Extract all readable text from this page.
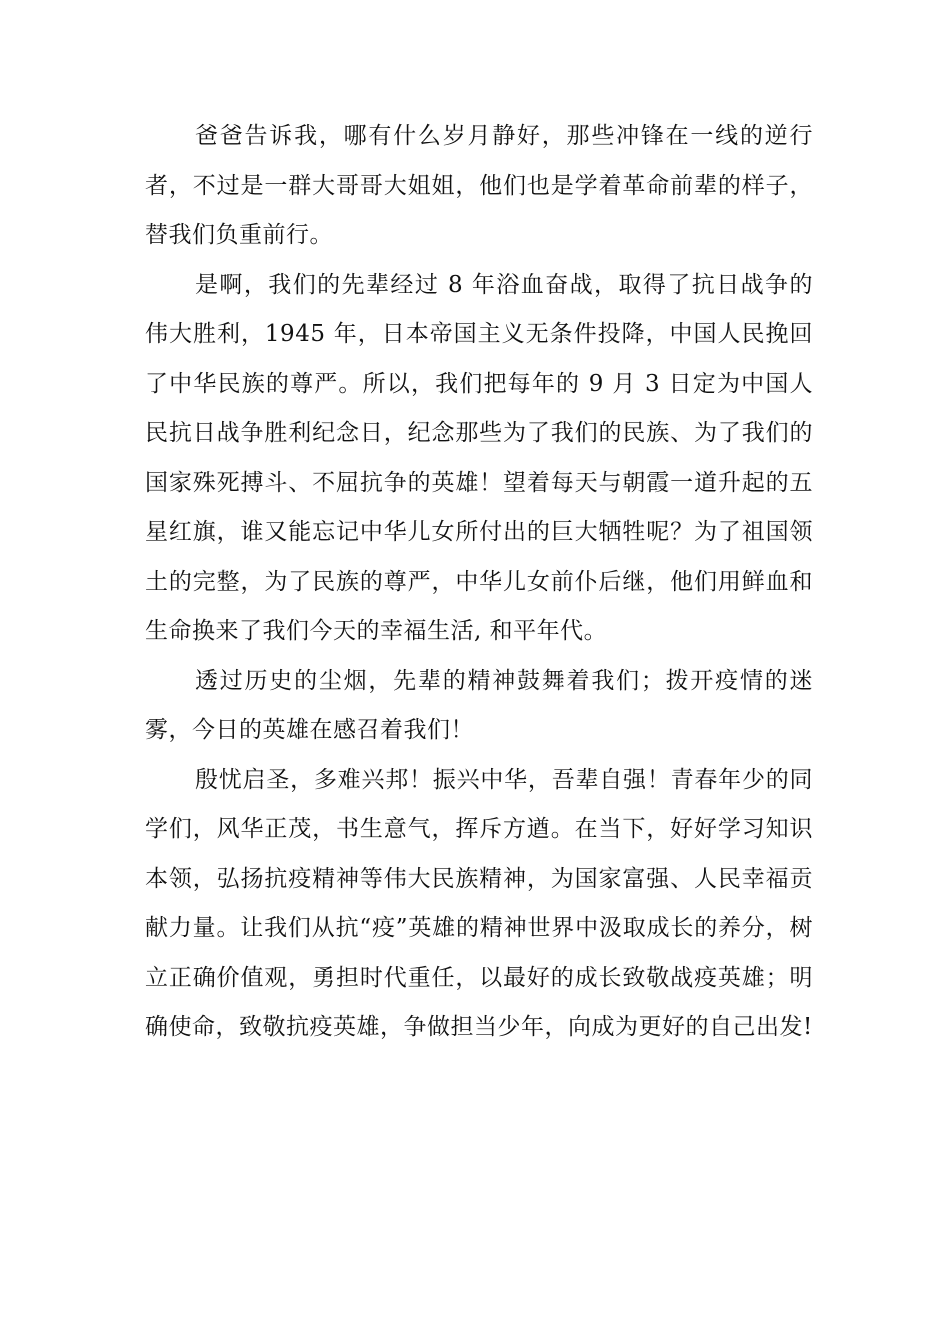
爸爸告诉我，哪有什么岁月静好，那些冲锋在一线的逆行者，不过是一群大哥哥大姐姐，他们也是学着革命前辈的样子，替我们负重前行。

是啊，我们的先辈经过 8 年浴血奋战，取得了抗日战争的伟大胜利，1945 年，日本帝国主义无条件投降，中国人民挽回了中华民族的尊严。所以，我们把每年的 9 月 3 日定为中国人民抗日战争胜利纪念日，纪念那些为了我们的民族、为了我们的国家殊死搏斗、不屈抗争的英雄！望着每天与朝霞一道升起的五星红旗，谁又能忘记中华儿女所付出的巨大牺牲呢？为了祖国领土的完整，为了民族的尊严，中华儿女前仆后继，他们用鲜血和生命换来了我们今天的幸福生活, 和平年代。

透过历史的尘烟，先辈的精神鼓舞着我们；拨开疫情的迷雾，今日的英雄在感召着我们！

殷忧启圣，多难兴邦！振兴中华，吾辈自强！青春年少的同学们，风华正茂，书生意气，挥斥方遒。在当下，好好学习知识本领，弘扬抗疫精神等伟大民族精神，为国家富强、人民幸福贡献力量。让我们从抗“疫”英雄的精神世界中汲取成长的养分，树立正确价值观，勇担时代重任，以最好的成长致敬战疫英雄；明确使命，致敬抗疫英雄，争做担当少年，向成为更好的自己出发!
